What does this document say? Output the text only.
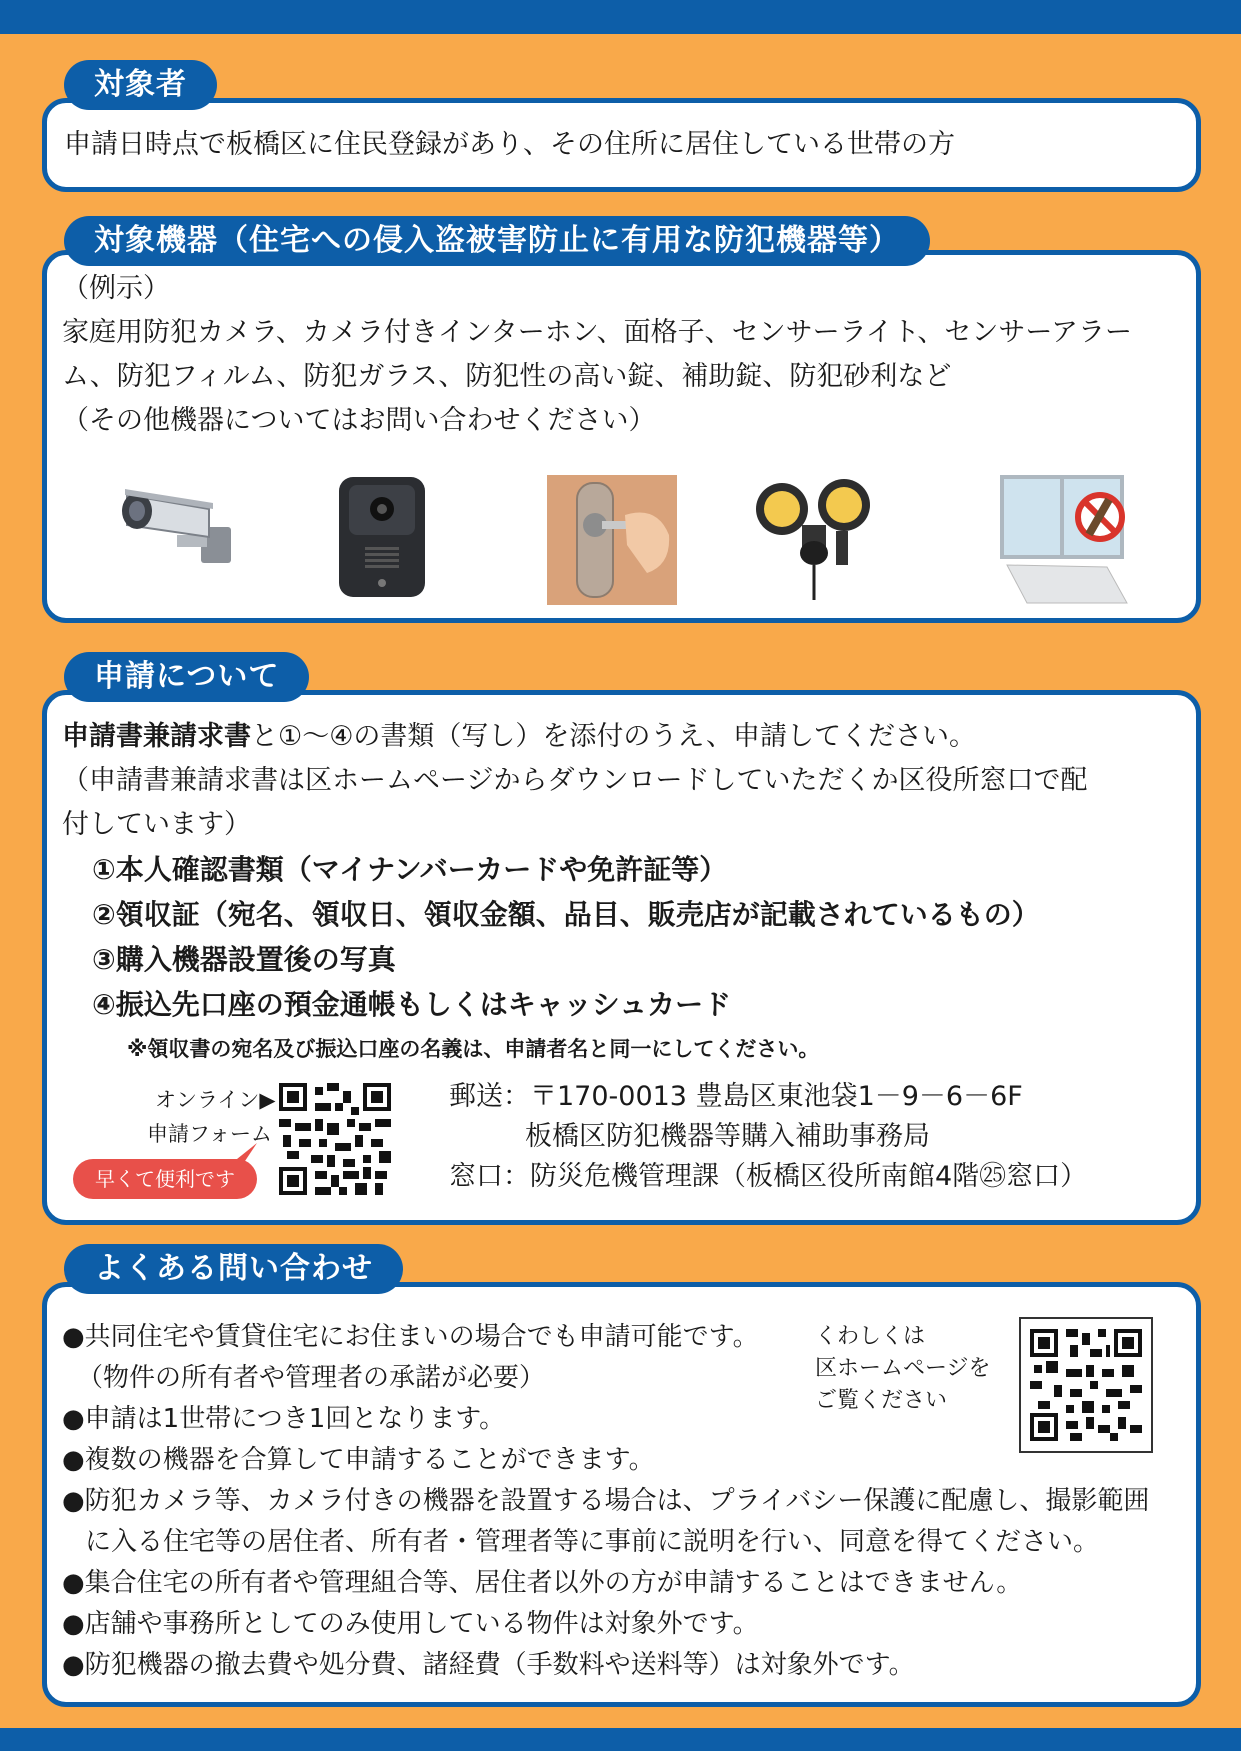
対象者
申請日時点で板橋区に住民登録があり、その住所に居住している世帯の方
対象機器（住宅への侵入盗被害防止に有用な防犯機器等）
（例示）
家庭用防犯カメラ、カメラ付きインターホン、面格子、センサーライト、センサーアラー
ム、防犯フィルム、防犯ガラス、防犯性の高い錠、補助錠、防犯砂利など
（その他機器についてはお問い合わせください）
申請について
申請書兼請求書と①～④の書類（写し）を添付のうえ、申請してください。
（申請書兼請求書は区ホームページからダウンロードしていただくか区役所窓口で配
付しています）
①本人確認書類（マイナンバーカードや免許証等）
②領収証（宛名、領収日、領収金額、品目、販売店が記載されているもの）
③購入機器設置後の写真
④振込先口座の預金通帳もしくはキャッシュカード
※領収書の宛名及び振込口座の名義は、申請者名と同一にしてください。
オンライン▶
申請フォーム
早くて便利です
郵送：〒170-0013 豊島区東池袋1－9－6－6F
板橋区防犯機器等購入補助事務局
窓口：防災危機管理課（板橋区役所南館4階㉕窓口）
よくある問い合わせ
●共同住宅や賃貸住宅にお住まいの場合でも申請可能です。
（物件の所有者や管理者の承諾が必要）
●申請は1世帯につき1回となります。
●複数の機器を合算して申請することができます。
●防犯カメラ等、カメラ付きの機器を設置する場合は、プライバシー保護に配慮し、撮影範囲
に入る住宅等の居住者、所有者・管理者等に事前に説明を行い、同意を得てください。
●集合住宅の所有者や管理組合等、居住者以外の方が申請することはできません。
●店舗や事務所としてのみ使用している物件は対象外です。
●防犯機器の撤去費や処分費、諸経費（手数料や送料等）は対象外です。
くわしくは
区ホームページを
ご覧ください
